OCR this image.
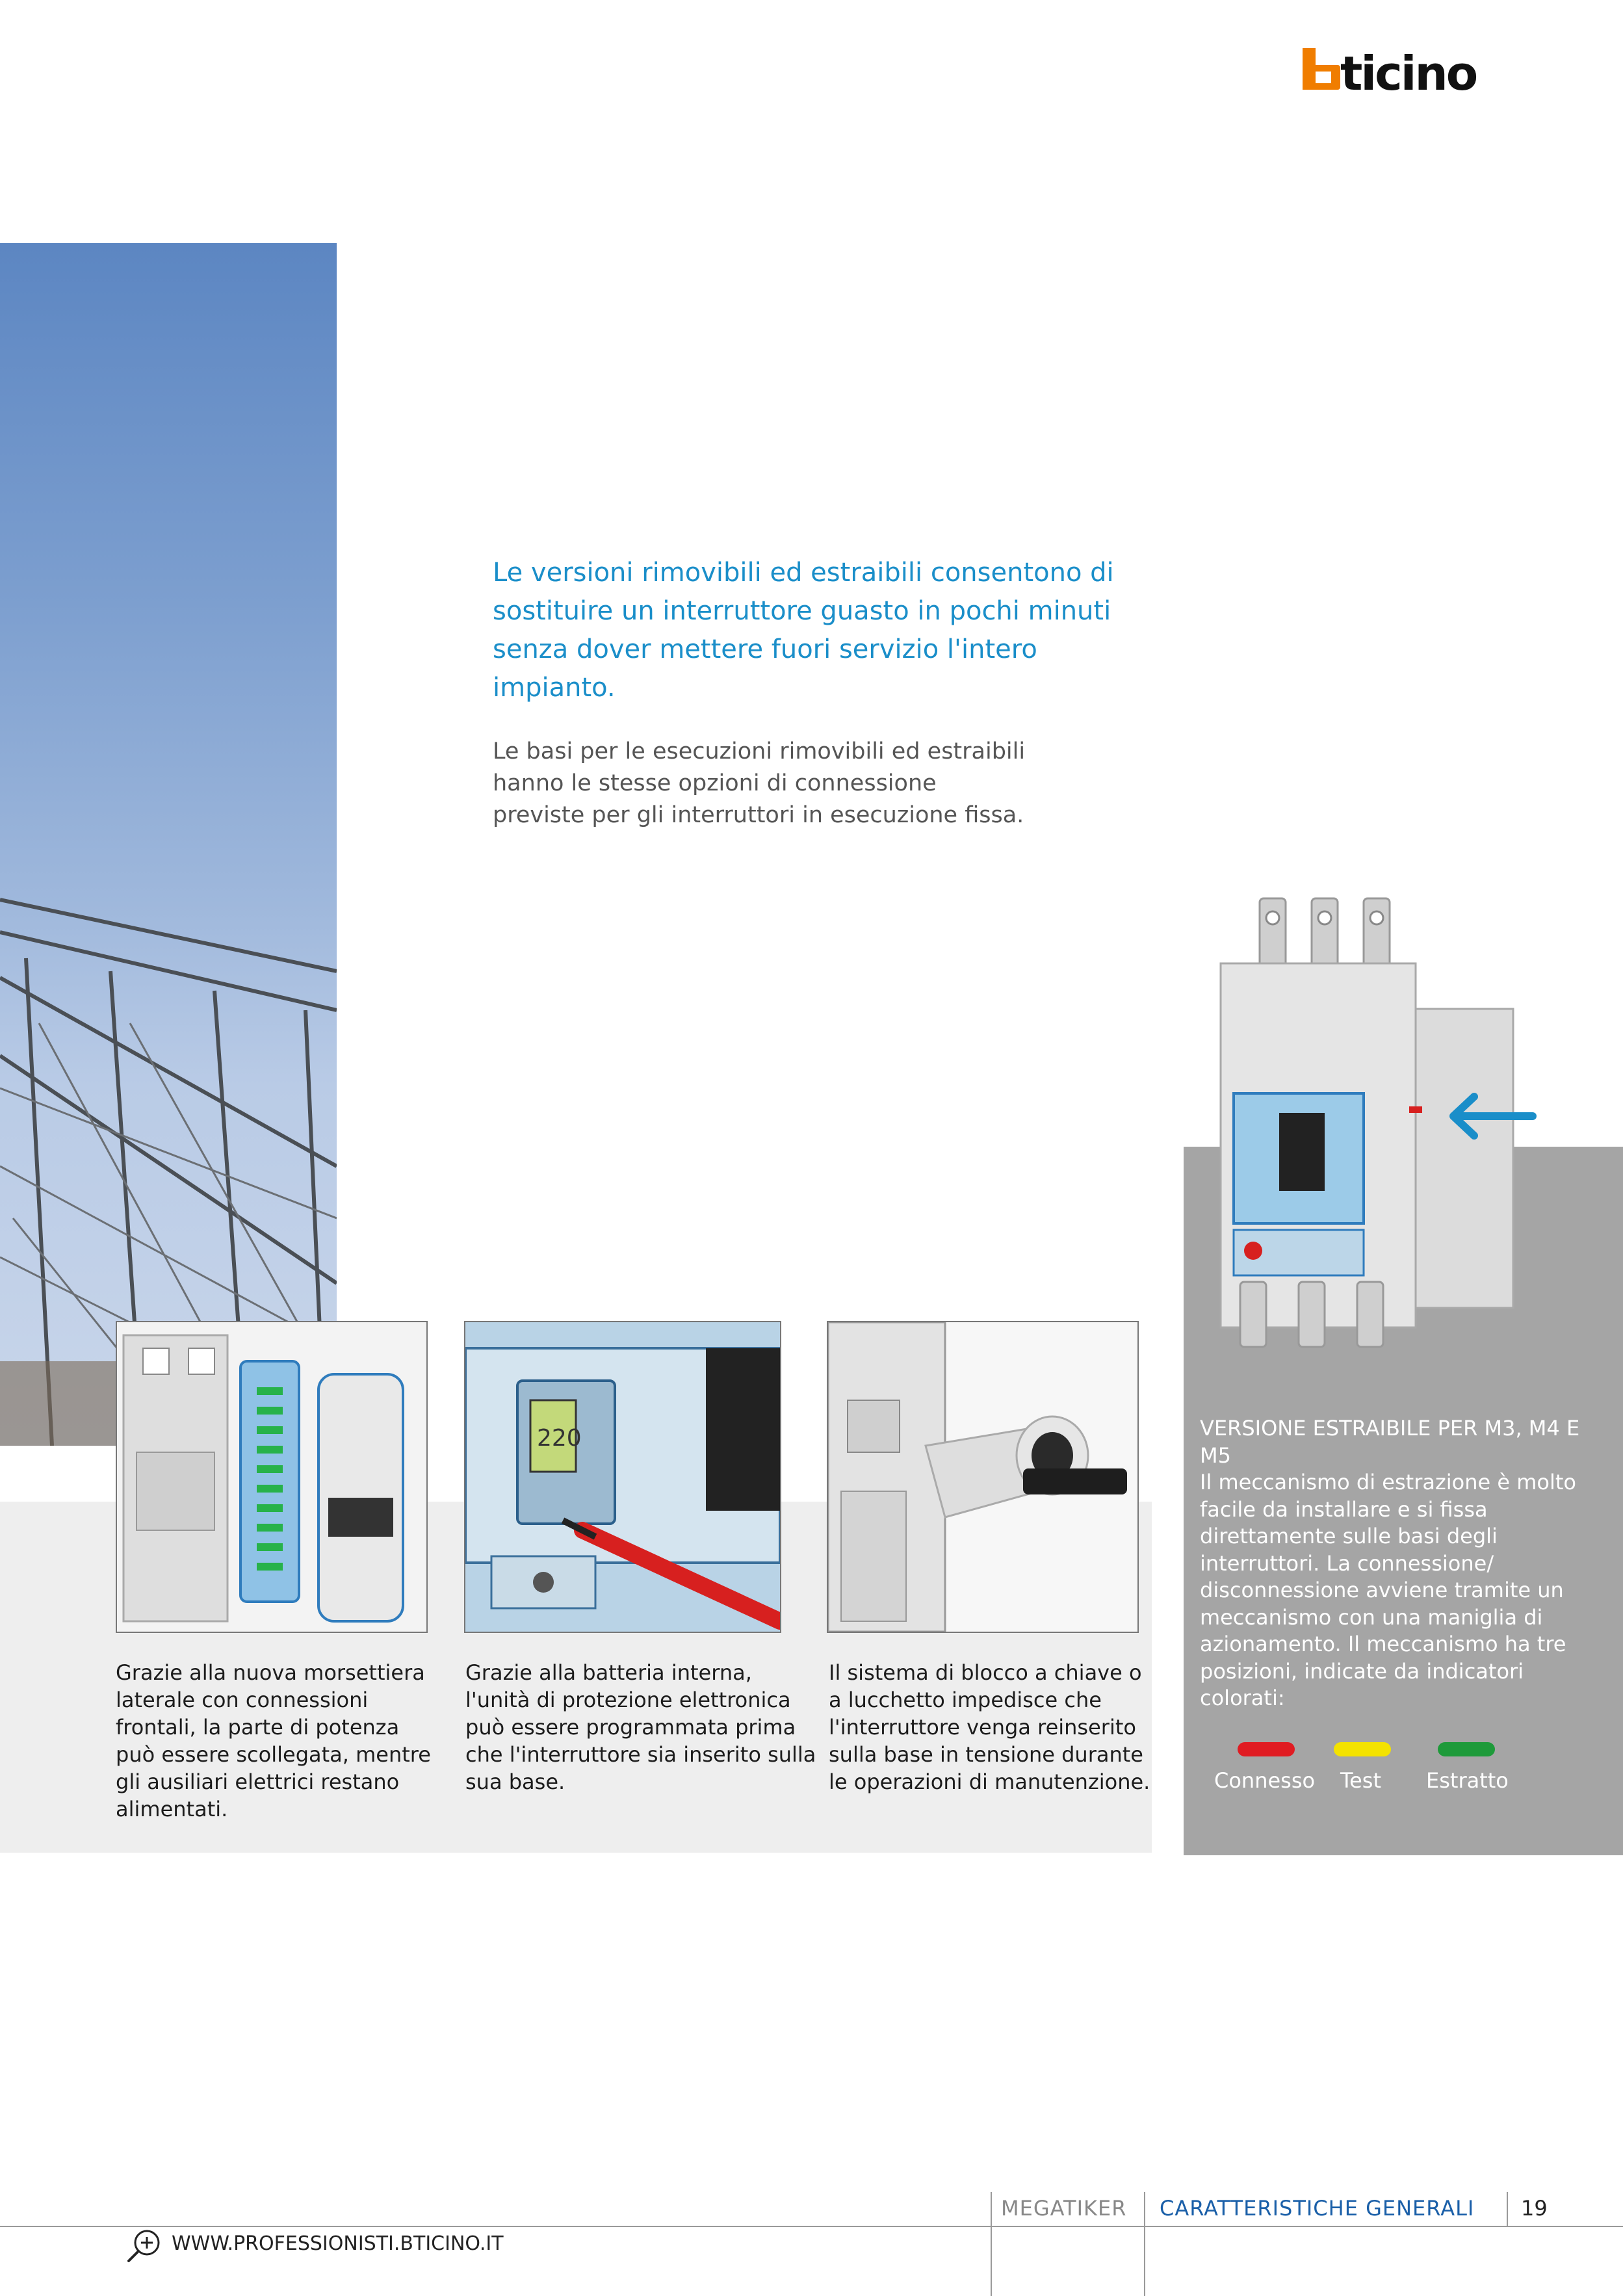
ticino
Le versioni rimovibili ed estraibili consentono di sostituire un interruttore guasto in pochi minuti senza dover mettere fuori servizio l'intero impianto.
Le basi per le esecuzioni rimovibili ed estraibili hanno le stesse opzioni di connessione previste per gli interruttori in esecuzione fissa.
220
Grazie alla nuova morsettiera laterale con connessioni frontali, la parte di potenza può essere scollegata, mentre gli ausiliari elettrici restano alimentati.
Grazie alla batteria interna, l'unità di protezione elettronica può essere programmata prima che l'interruttore sia inserito sulla sua base.
Il sistema di blocco a chiave o a lucchetto impedisce che l'interruttore venga reinserito sulla base in tensione durante le operazioni di manutenzione.
VERSIONE ESTRAIBILE PER M3, M4 E M5
Il meccanismo di estrazione è molto facile da installare e si fissa direttamente sulle basi degli interruttori. La connessione/ disconnessione avviene tramite un meccanismo con una maniglia di azionamento. Il meccanismo ha tre posizioni, indicate da indicatori colorati:
Connesso Test Estratto
MEGATIKER CARATTERISTICHE GENERALI 19
WWW.PROFESSIONISTI.BTICINO.IT
